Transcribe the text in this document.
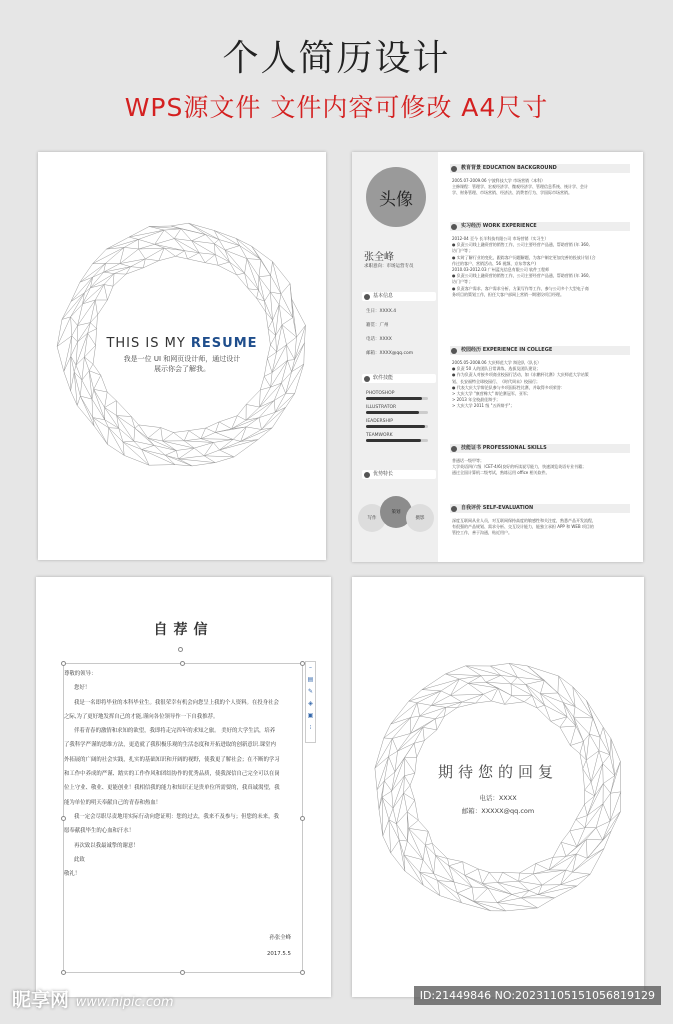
个人简历设计
WPS源文件 文件内容可修改 A4尺寸
THIS IS MY RESUME
我是一位 UI 和网页设计师，通过设计
展示你会了解我。
头像
张全峰
求职意向：市场运营专员
基本信息
生日：XXXX.4
籍贯：广州
电话：XXXX
邮箱：XXXX@qq.com
软件技能
PHOTOSHOP
ILLUSTRATOR
IEADERSHIP
TEAMWORK
优势特长
写作
策划
摄影
教育背景 EDUCATION BACKGROUND

2005.07-2009.06 宁波科技大学 市场营销（本科）

主修课程：管理学、宏观经济学、微观经济学、管理信息系统、统计学、会计

学、财务管理、市场营销、经济法、消费者行为、学国际市场营销。

实习经历 WORK EXPERIENCE

2012-04 至今 长羊科技有限公司 市场营销（实习生）

● 负责公司线上融资营的销售工作，公司主要经营产品通，帮助营销 (年 360,

访门户等 ;

● 实时了解行业的变化，跟踪客户问题解题，为客户制定更加完善的投放计划 (合

作过的客户、营销活动、56 视频、京东等客户)

2010.03-2012.03 广州蓝光信息有限公司 软件工程师

● 负责公司线上融资营的销售工作，公司主要经营产品通，帮助营销 (年 360,

访门户等 ;

● 负责客户需求、客户需求分析、方案写作等工作，参与公司多个大型电子商

务项目的策划工作，担任大客户部网上营销一期建设项目经理。

校园经历 EXPERIENCE IN COLLEGE

2005.05-2008.06 大庆师范大学 辩论队（队长）

● 负责 50 人的团队日常训练、选拔及团队建设；

● 作为负责人对接多项商业校园行活动，如《东鹏杯比赛》大庆师范大学站策

划、长安福特全球校园行、《时代周末》校园行；

● 代表大庆大学辩论队参与多项国际性比赛，并取得多项荣誉：

> 大庆大学 "康营橡大" 辩论赛冠军、亚军；

> 2013 年全校最佳辩手；

> 大庆大学 2011 级 "五四辩手"；

技能证书 PROFESSIONAL SKILLS

普通话一级甲等；

大学英语四/六级（CET-4/6)良好的听读说写能力，快速浏览英语专业书籍；

通过全国计算机二级考试，熟练运用 office 相关软件。

自我评价 SELF-EVALUATION

深度互联网从业人员，对互联网保持高度的敏感性和关注度，熟悉产品开发流程，

有很强的产品规划、需求分析、交互设计能力，能独立承担 APP 和 WEB 项目的

管控工作，善于沟通，贴近用户。

自荐信
–
▤
✎
◈
▣
⁝

尊敬的领导：

您好！

我是一名即将毕业的本科毕业生。我很荣幸有机会向您呈上我的个人资料。在投身社会

之际,为了更好地发挥自己的才能,谨向各位领导作一下自我推荐。

伴着青春的激情和求知的欲望，我即将走完四年的求知之旅。 美好的大学生活，培养

了我科学严谨的思维方法，更造就了我积极乐观的生活态度和开拓进取的创新意识.课堂内

外拓展的广阔的社会实践，扎实的基础知识和开阔的视野，使我更了解社会；在不断的学习

和工作中养成的严谨、踏实的工作作风和团结协作的优秀品质，使我深信自己完全可以在岗

位上守业、敬业、更能创业！我相信我的能力和知识正是贵单位所需要的，我真诚渴望，我

能为单位的明天奉献自己的青春和热血！

我一定会尽职尽责地用实际行动向您证明：您的过去，我来不及参与；但您的未来，我

愿奉献我毕生的心血和汗水！

再次致以我最诚挚的谢意！

此致

敬礼！

孙张全峰
2017.5.5
期待您的回复
电话：XXXX
邮箱：XXXXX@qq.com
昵享网 www.nipic.com	ID:21449846 NO:20231105151056819129
